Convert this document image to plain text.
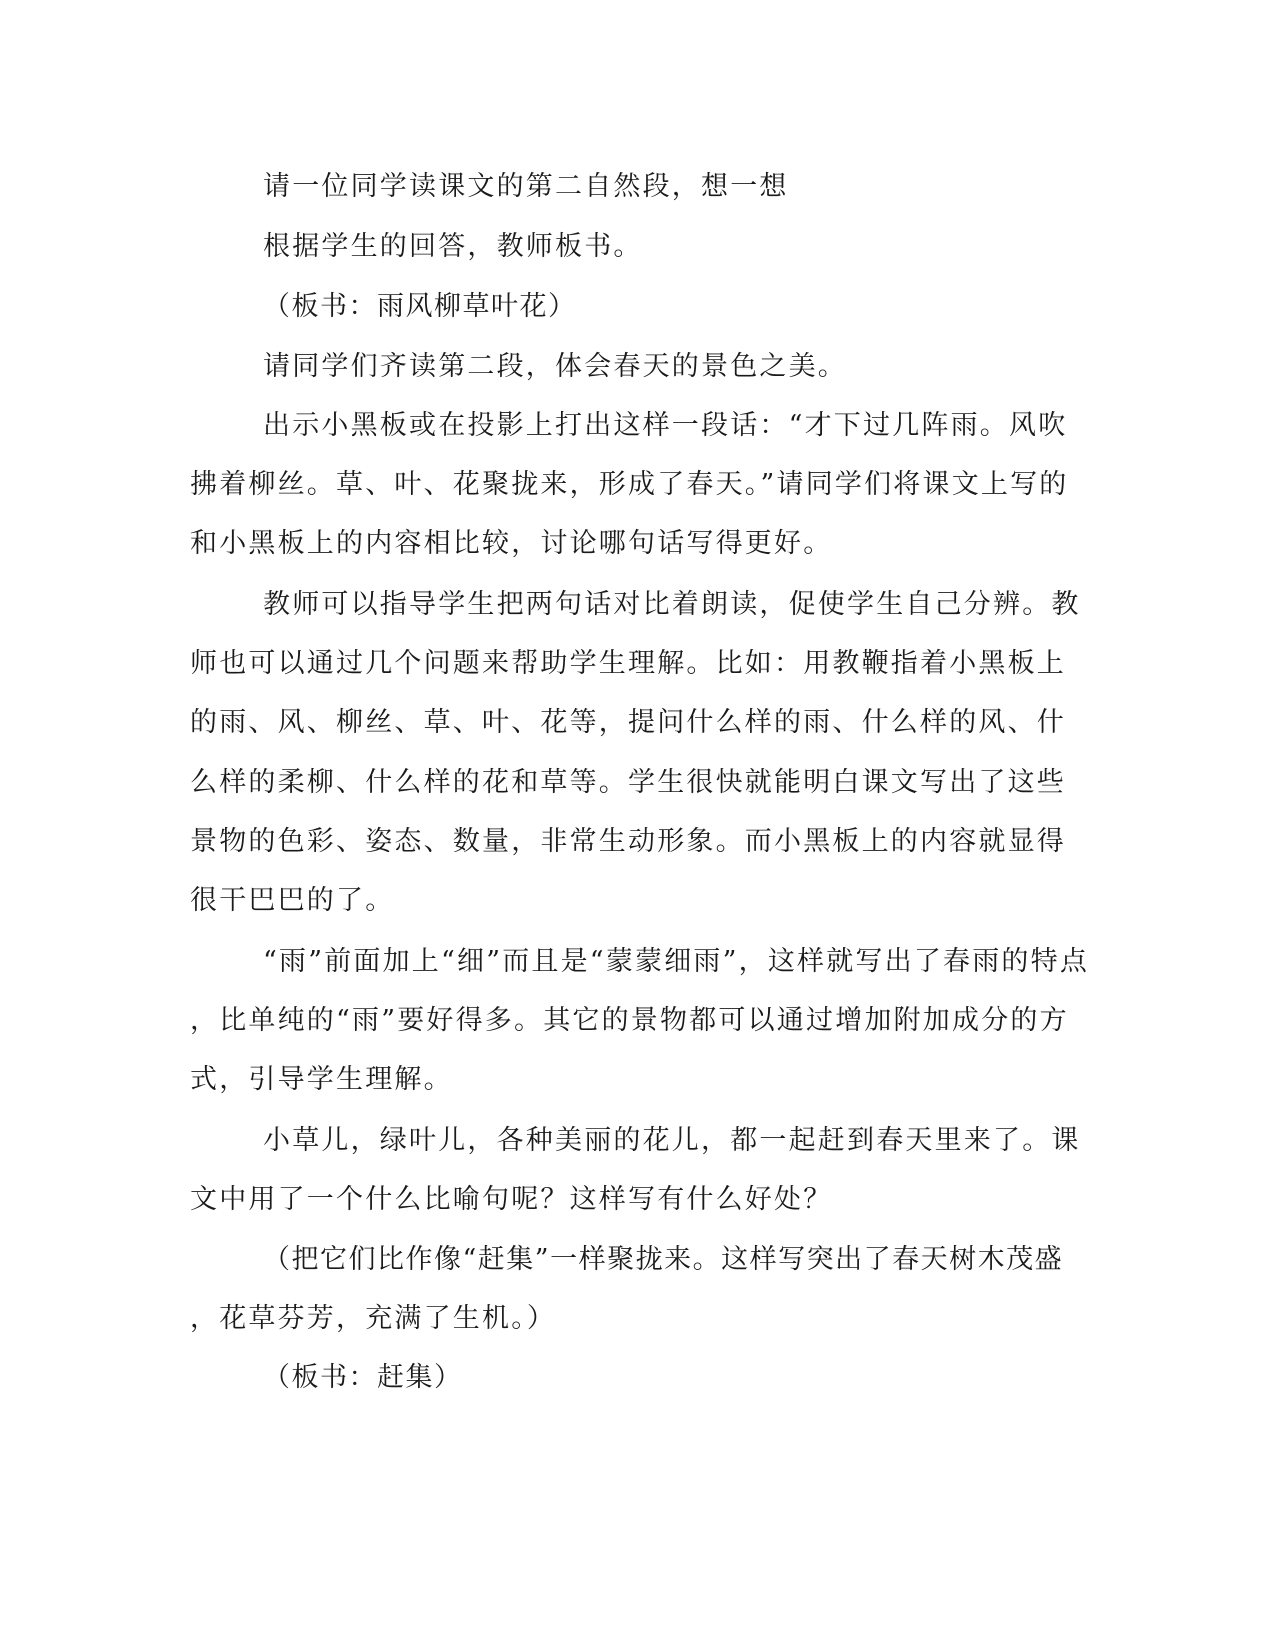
请一位同学读课文的第二自然段，想一想
根据学生的回答，教师板书。
（板书：雨风柳草叶花）
请同学们齐读第二段，体会春天的景色之美。
出示小黑板或在投影上打出这样一段话：“才下过几阵雨。风吹
拂着柳丝。草、叶、花聚拢来，形成了春天。”请同学们将课文上写的
和小黑板上的内容相比较，讨论哪句话写得更好。
教师可以指导学生把两句话对比着朗读，促使学生自己分辨。教
师也可以通过几个问题来帮助学生理解。比如：用教鞭指着小黑板上
的雨、风、柳丝、草、叶、花等，提问什么样的雨、什么样的风、什
么样的柔柳、什么样的花和草等。学生很快就能明白课文写出了这些
景物的色彩、姿态、数量，非常生动形象。而小黑板上的内容就显得
很干巴巴的了。
“雨”前面加上“细”而且是“蒙蒙细雨”，这样就写出了春雨的特点
，比单纯的“雨”要好得多。其它的景物都可以通过增加附加成分的方
式，引导学生理解。
小草儿，绿叶儿，各种美丽的花儿，都一起赶到春天里来了。课
文中用了一个什么比喻句呢？这样写有什么好处？
（把它们比作像“赶集”一样聚拢来。这样写突出了春天树木茂盛
，花草芬芳，充满了生机。）
（板书：赶集）
